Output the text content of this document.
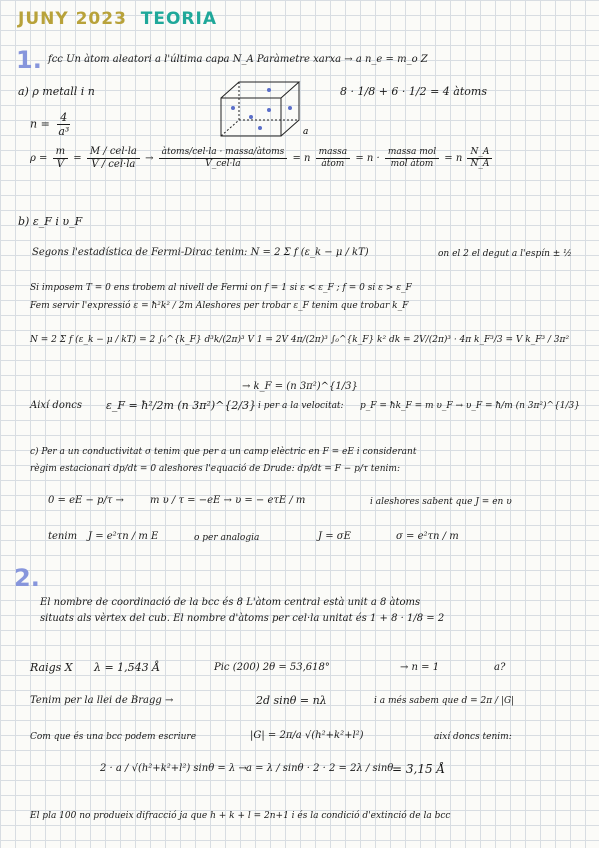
JUNY 2023 TEORIA
1. fcc Un àtom aleatori a l'última capa N_A Paràmetre xarxa → a n_e = m_o Z
a) ρ metall i n
a
8 · 1/8 + 6 · 1/2 = 4 àtoms
$n = \frac{4}{\text{a³}}$
$\rho = \frac{m}{V} = \frac{\text{M / cel·la}}{\text{V / cel·la}} \to \frac{\text{àtoms/cel·la · massa/àtoms}}{\text{V\_cel·la}} = n \frac{\text{massa}}{\text{àtom}} = n \cdot \frac{\text{massa mol}}{\text{mol àtom}} = n \frac{N\_A}{N\_A}$
b) ε_F i υ_F
Segons l'estadística de Fermi-Dirac tenim: N = 2 Σ f (ε_k − μ / kT)	on el 2 el degut a l'espín ± ½
Si imposem T = 0 ens trobem al nivell de Fermi on f = 1 si ε < ε_F ; f = 0 si ε > ε_F
Fem servir l'expressió ε = ħ²k² / 2m Aleshores per trobar ε_F tenim que trobar k_F
N = 2 Σ f (ε_k − μ / kT) = 2 ∫₀^{k_F} d³k/(2π)³ V 1 = 2V 4π/(2π)³ ∫₀^{k_F} k² dk = 2V/(2π)³ · 4π k_F³/3 = V k_F³ / 3π²
→ k_F = (n 3π²)^{1/3}
Així doncs ε_F = ħ²/2m (n 3π²)^{2/3} i per a la velocitat: p_F = ħk_F = m υ_F → υ_F = ħ/m (n 3π²)^{1/3}
c) Per a un conductivitat σ tenim que per a un camp elèctric en F = eE i considerant
règim estacionari dp/dt = 0 aleshores l'equació de Drude: dp/dt = F − p/τ tenim:
0 = eE − p/τ →	m υ / τ = −eE → υ = − eτE / m	i aleshores sabent que J = en υ
tenim J = e²τn / m E	o per analogia	J = σE	σ = e²τn / m
2.
El nombre de coordinació de la bcc és 8 L'àtom central està unit a 8 àtoms
situats als vèrtex del cub. El nombre d'àtoms per cel·la unitat és 1 + 8 · 1/8 = 2
Raigs X λ = 1,543 Å	Pic (200) 2θ = 53,618°	→ n = 1	a?
Tenim per la llei de Bragg →	2d sinθ = nλ	i a més sabem que d = 2π / |G|
Com que és una bcc podem escriure	|G| = 2π/a √(h²+k²+l²)	així doncs tenim:
2 · a / √(h²+k²+l²) sinθ = λ → a = λ / sinθ · 2 · 2 = 2λ / sinθ
= 3,15 Å
El pla 100 no produeix difracció ja que h + k + l = 2n+1 i és la condició d'extinció de la bcc
